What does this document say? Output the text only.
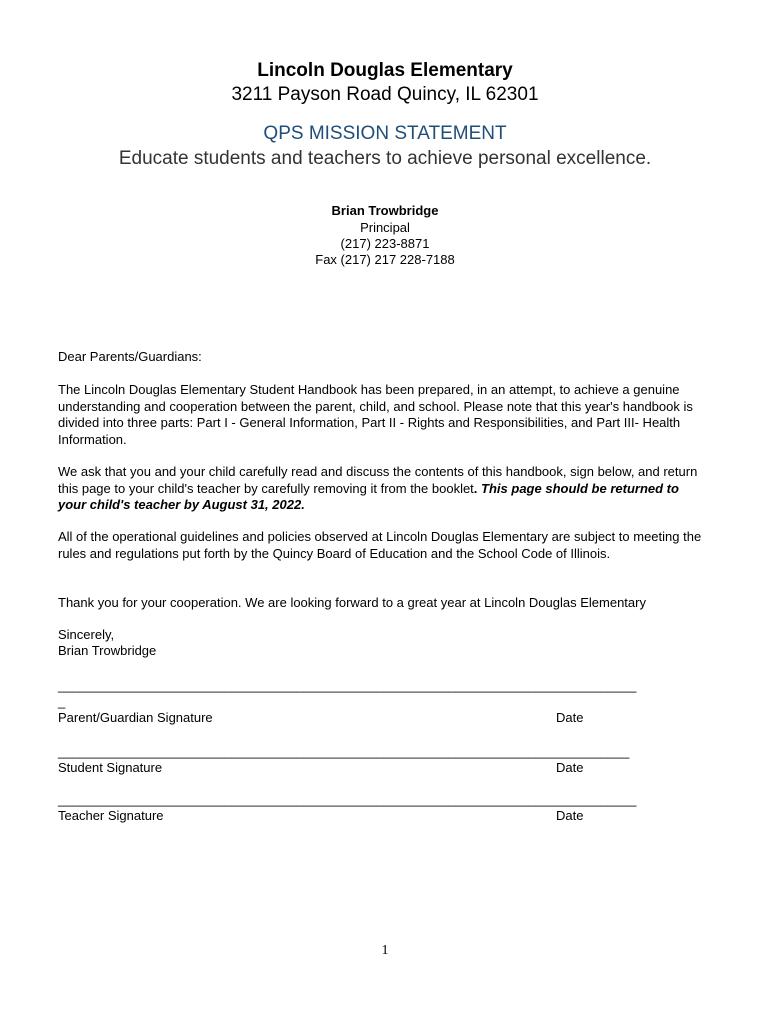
Lincoln Douglas Elementary
3211 Payson Road Quincy, IL 62301
QPS MISSION STATEMENT
Educate students and teachers to achieve personal excellence.
Brian Trowbridge
Principal
(217) 223-8871
Fax (217) 217 228-7188

Dear Parents/Guardians:

The Lincoln Douglas Elementary Student Handbook has been prepared, in an attempt, to achieve a genuine understanding and cooperation between the parent, child, and school. Please note that this year's handbook is divided into three parts: Part I - General Information, Part II - Rights and Responsibilities, and Part III- Health Information.

We ask that you and your child carefully read and discuss the contents of this handbook, sign below, and return this page to your child's teacher by carefully removing it from the booklet. This page should be returned to your child's teacher by August 31, 2022.

All of the operational guidelines and policies observed at Lincoln Douglas Elementary are subject to meeting the rules and regulations put forth by the Quincy Board of Education and the School Code of Illinois.

Thank you for your cooperation. We are looking forward to a great year at Lincoln Douglas Elementary

Sincerely,

Brian Trowbridge

________________________________________________________________________________
_
Parent/Guardian Signature	Date
_______________________________________________________________________________
Student Signature	Date
________________________________________________________________________________
Teacher Signature	Date
1
